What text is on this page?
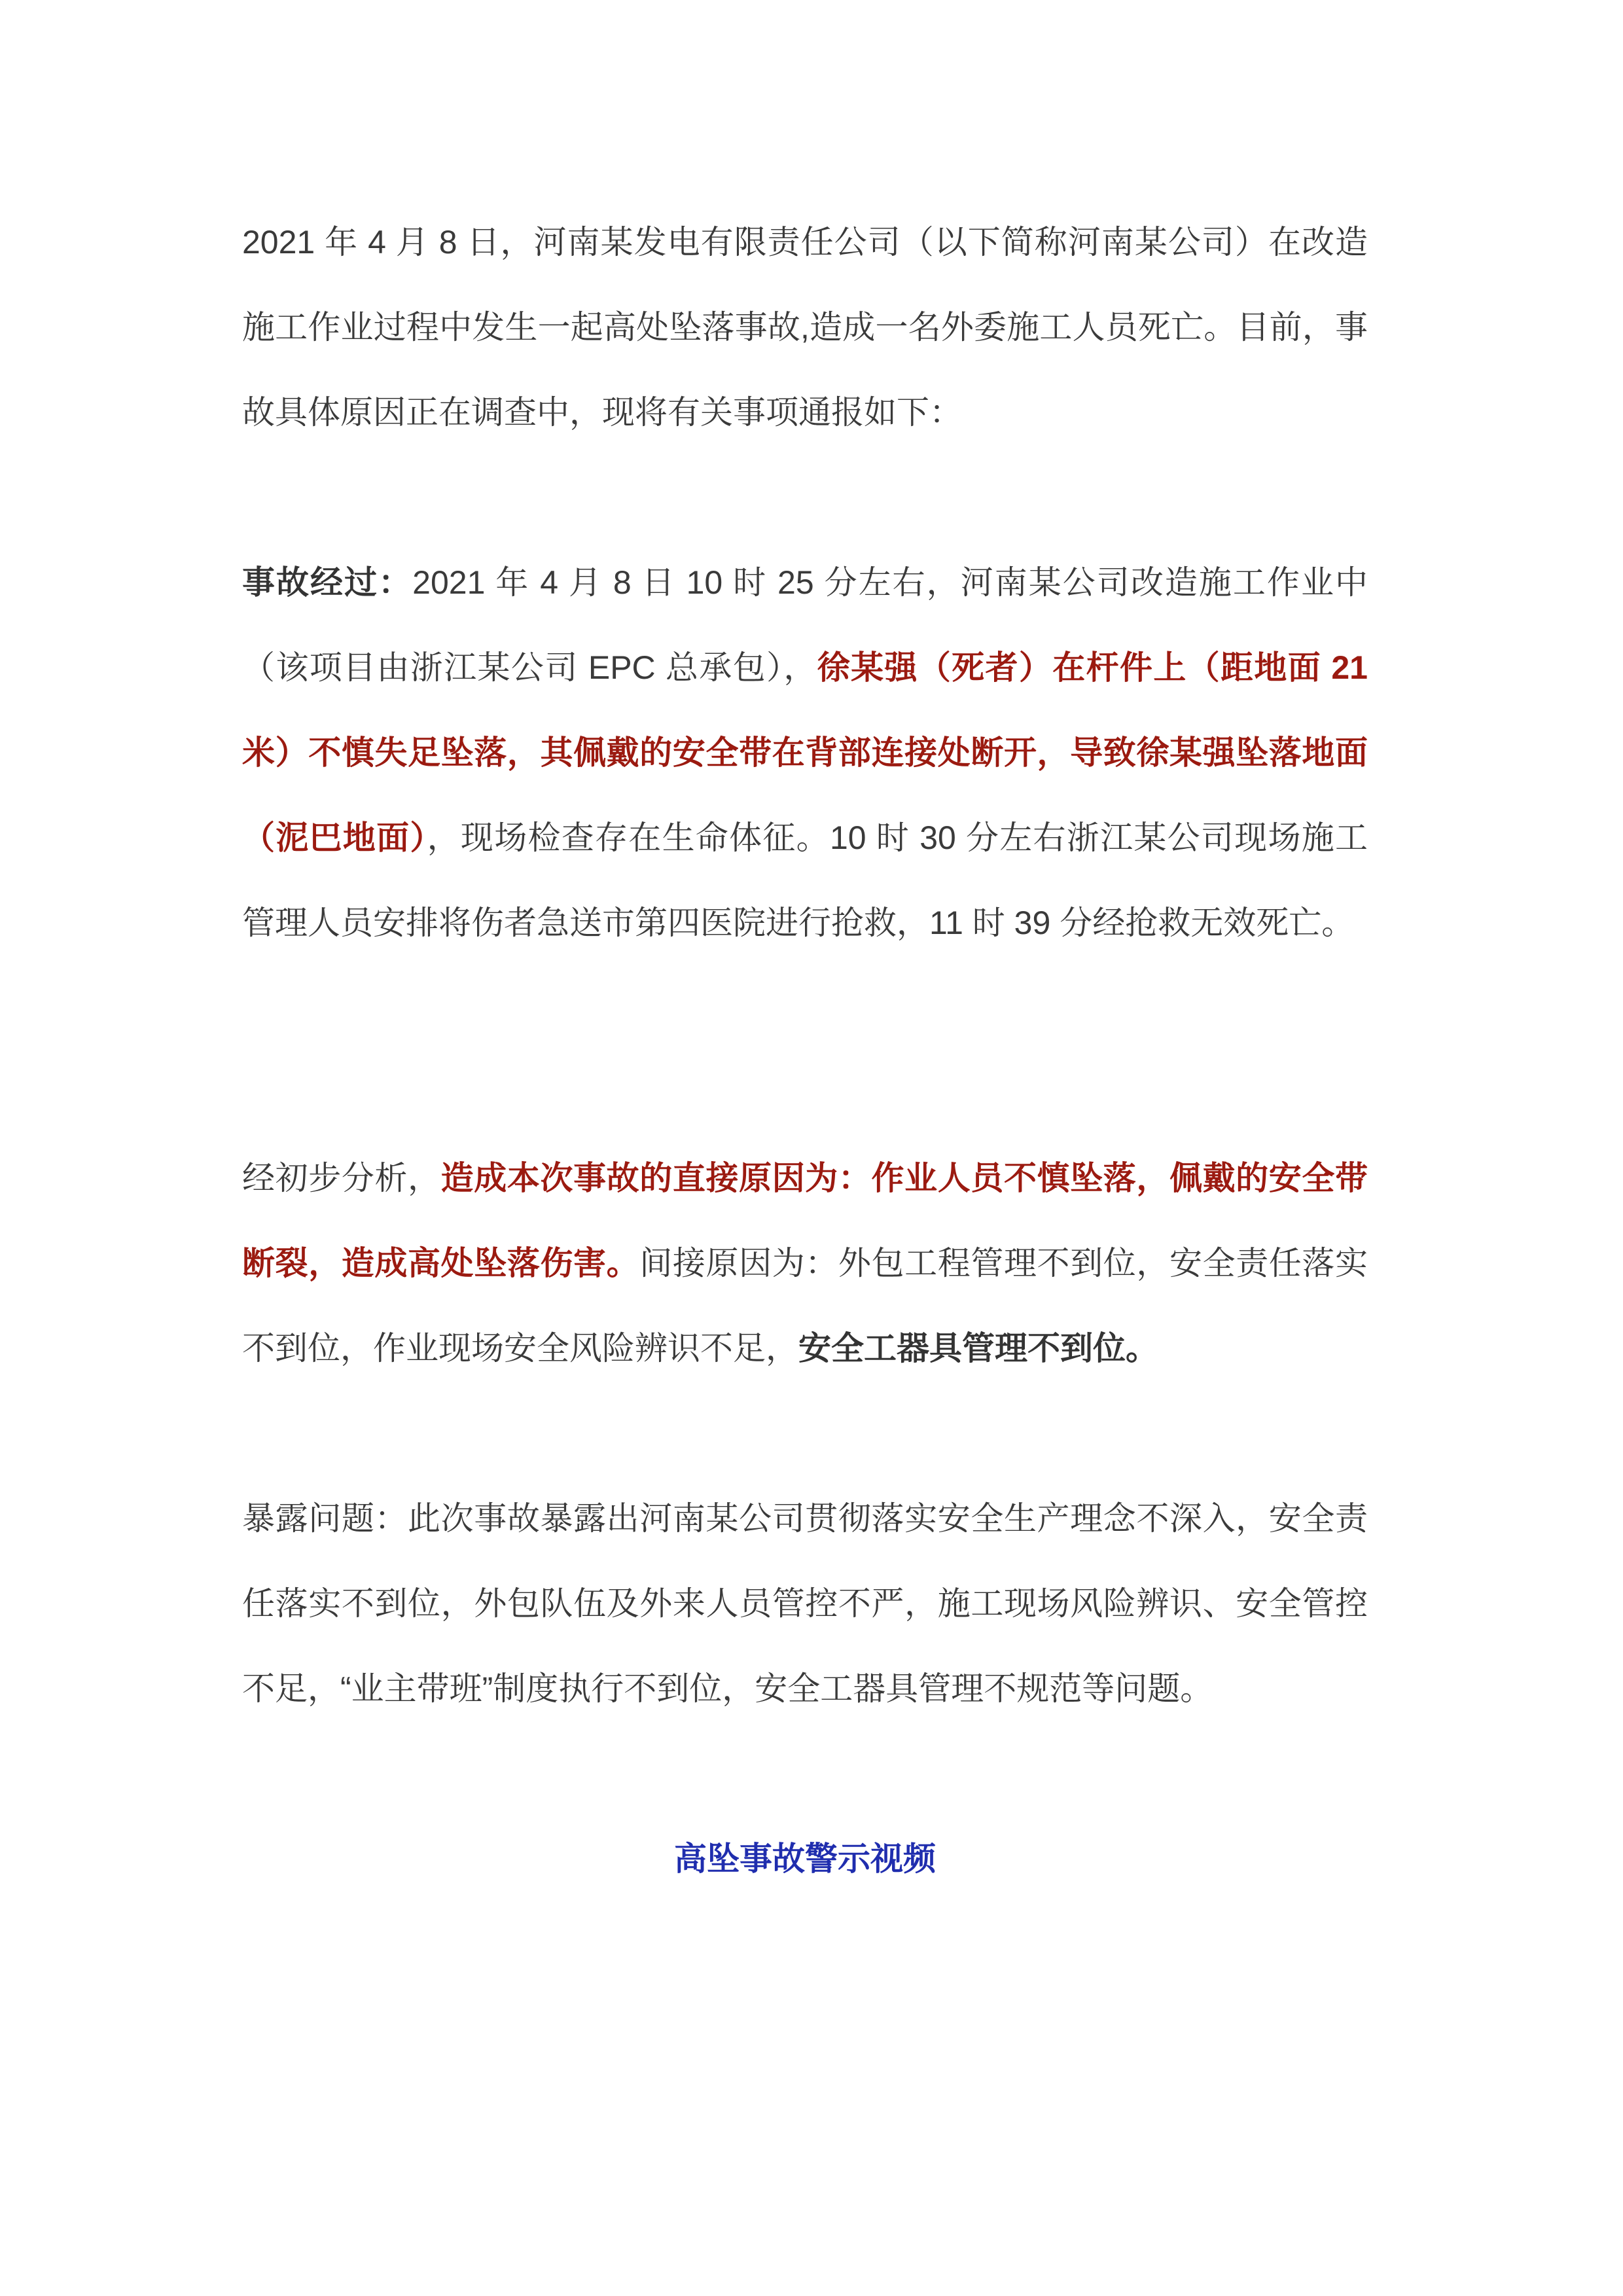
2021 年 4 月 8 日，河南某发电有限责任公司（以下简称河南某公司）在改造施工作业过程中发生一起高处坠落事故,造成一名外委施工人员死亡。目前，事故具体原因正在调查中，现将有关事项通报如下：

事故经过：2021 年 4 月 8 日 10 时 25 分左右，河南某公司改造施工作业中（该项目由浙江某公司 EPC 总承包），徐某强（死者）在杆件上（距地面 21 米）不慎失足坠落，其佩戴的安全带在背部连接处断开，导致徐某强坠落地面（泥巴地面），现场检查存在生命体征。10 时 30 分左右浙江某公司现场施工管理人员安排将伤者急送市第四医院进行抢救，11 时 39 分经抢救无效死亡。

经初步分析，造成本次事故的直接原因为：作业人员不慎坠落，佩戴的安全带断裂，造成高处坠落伤害。间接原因为：外包工程管理不到位，安全责任落实不到位，作业现场安全风险辨识不足，安全工器具管理不到位。

暴露问题：此次事故暴露出河南某公司贯彻落实安全生产理念不深入，安全责任落实不到位，外包队伍及外来人员管控不严，施工现场风险辨识、安全管控不足，“业主带班”制度执行不到位，安全工器具管理不规范等问题。

高坠事故警示视频
